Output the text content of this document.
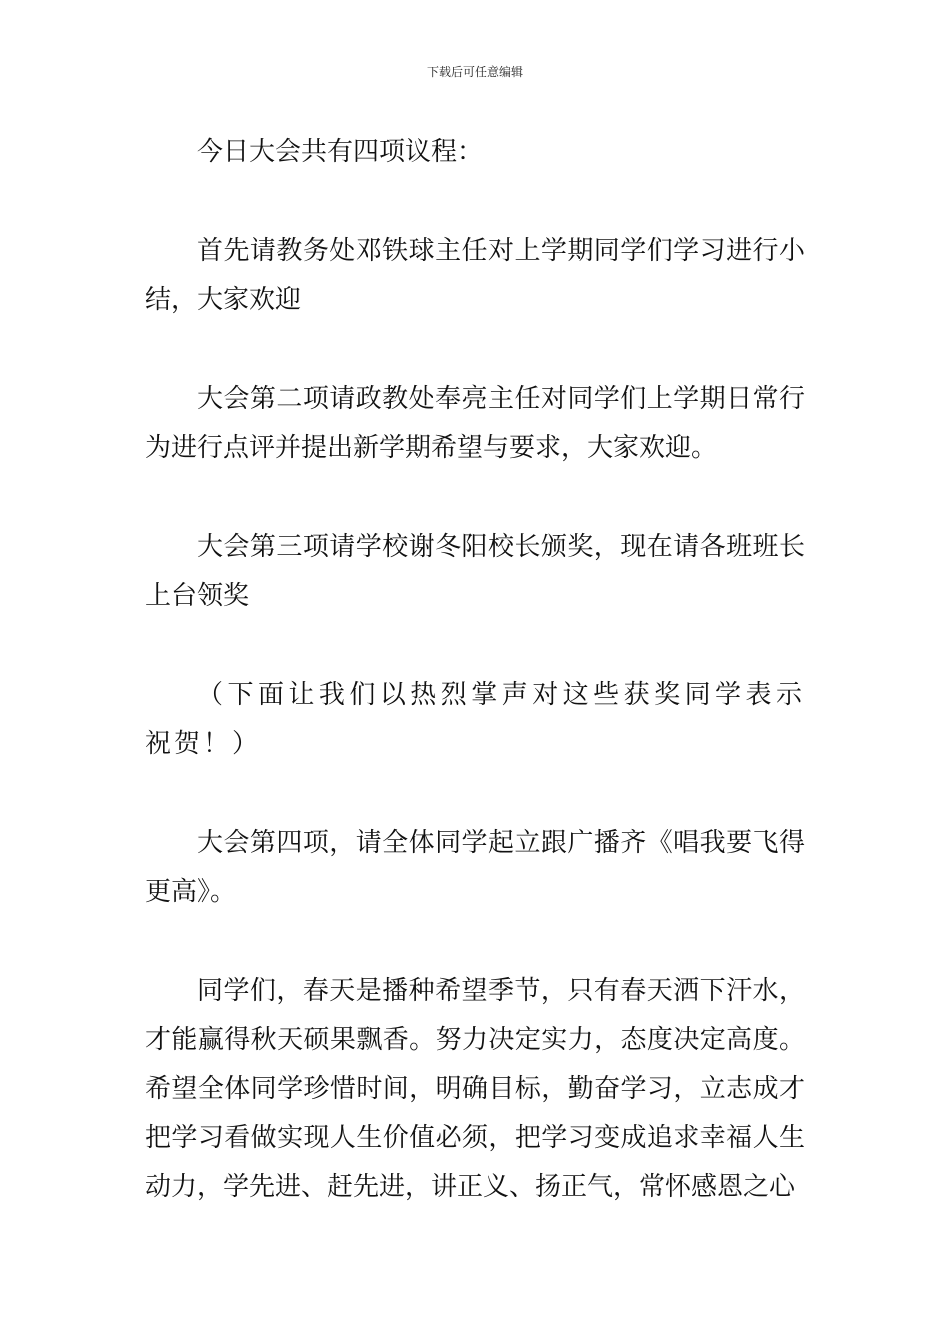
下载后可任意编辑

今日大会共有四项议程：

首先请教务处邓铁球主任对上学期同学们学习进行小结，大家欢迎

大会第二项请政教处奉亮主任对同学们上学期日常行为进行点评并提出新学期希望与要求，大家欢迎。

大会第三项请学校谢冬阳校长颁奖，现在请各班班长上台领奖

（下面让我们以热烈掌声对这些获奖同学表示祝贺！）

大会第四项，请全体同学起立跟广播齐《唱我要飞得更高》。

同学们，春天是播种希望季节，只有春天洒下汗水，才能赢得秋天硕果飘香。努力决定实力，态度决定高度。希望全体同学珍惜时间，明确目标，勤奋学习，立志成才把学习看做实现人生价值必须，把学习变成追求幸福人生动力，学先进、赶先进，讲正义、扬正气，常怀感恩之心
